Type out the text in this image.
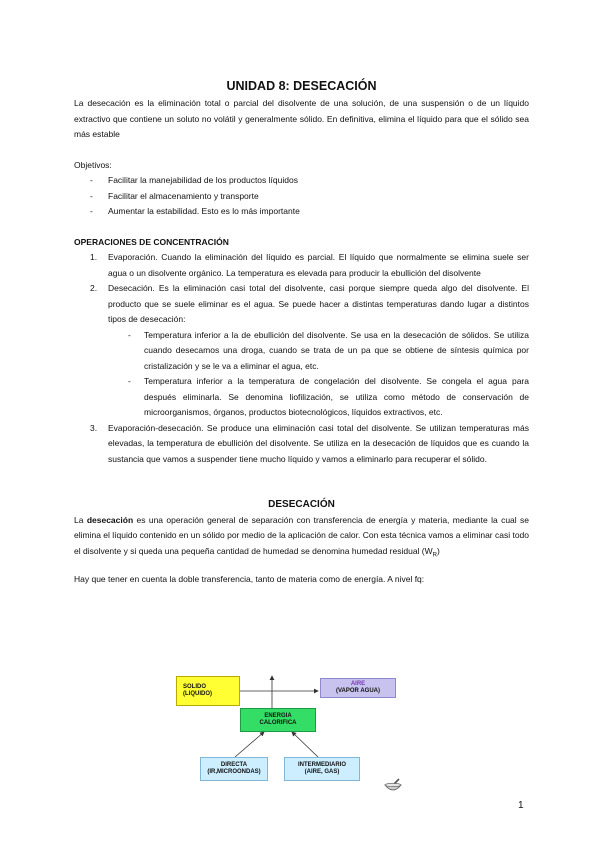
UNIDAD 8: DESECACIÓN

La desecación es la eliminación total o parcial del disolvente de una solución, de una suspensión o de un líquido extractivo que contiene un soluto no volátil y generalmente sólido. En definitiva, elimina el líquido para que el sólido sea más estable

Objetivos:

- Facilitar la manejabilidad de los productos líquidos
- Facilitar el almacenamiento y transporte
- Aumentar la estabilidad. Esto es lo más importante

OPERACIONES DE CONCENTRACIÓN

1. Evaporación. Cuando la eliminación del líquido es parcial. El líquido que normalmente se elimina suele ser agua o un disolvente orgánico. La temperatura es elevada para producir la ebullición del disolvente
2. Desecación. Es la eliminación casi total del disolvente, casi porque siempre queda algo del disolvente. El producto que se suele eliminar es el agua. Se puede hacer a distintas temperaturas dando lugar a distintos tipos de desecación:
- Temperatura inferior a la de ebullición del disolvente. Se usa en la desecación de sólidos. Se utiliza cuando desecamos una droga, cuando se trata de un pa que se obtiene de síntesis química por cristalización y se le va a eliminar el agua, etc.
- Temperatura inferior a la temperatura de congelación del disolvente. Se congela el agua para después eliminarla. Se denomina liofilización, se utiliza como método de conservación de microorganismos, órganos, productos biotecnológicos, líquidos extractivos, etc.
3. Evaporación-desecación. Se produce una eliminación casi total del disolvente. Se utilizan temperaturas más elevadas, la temperatura de ebullición del disolvente. Se utiliza en la desecación de líquidos que es cuando la sustancia que vamos a suspender tiene mucho líquido y vamos a eliminarlo para recuperar el sólido.

DESECACIÓN

La desecación es una operación general de separación con transferencia de energía y materia, mediante la cual se elimina el líquido contenido en un sólido por medio de la aplicación de calor. Con esta técnica vamos a eliminar casi todo el disolvente y si queda una pequeña cantidad de humedad se denomina humedad residual $(W_R)$

Hay que tener en cuenta la doble transferencia, tanto de materia como de energía. A nivel fq:

SOLIDO
(LIQUIDO)
AIRE
(VAPOR AGUA)
ENERGIA
CALORIFICA
DIRECTA
(IR,MICROONDAS)
INTERMEDIARIO
(AIRE, GAS)
1
